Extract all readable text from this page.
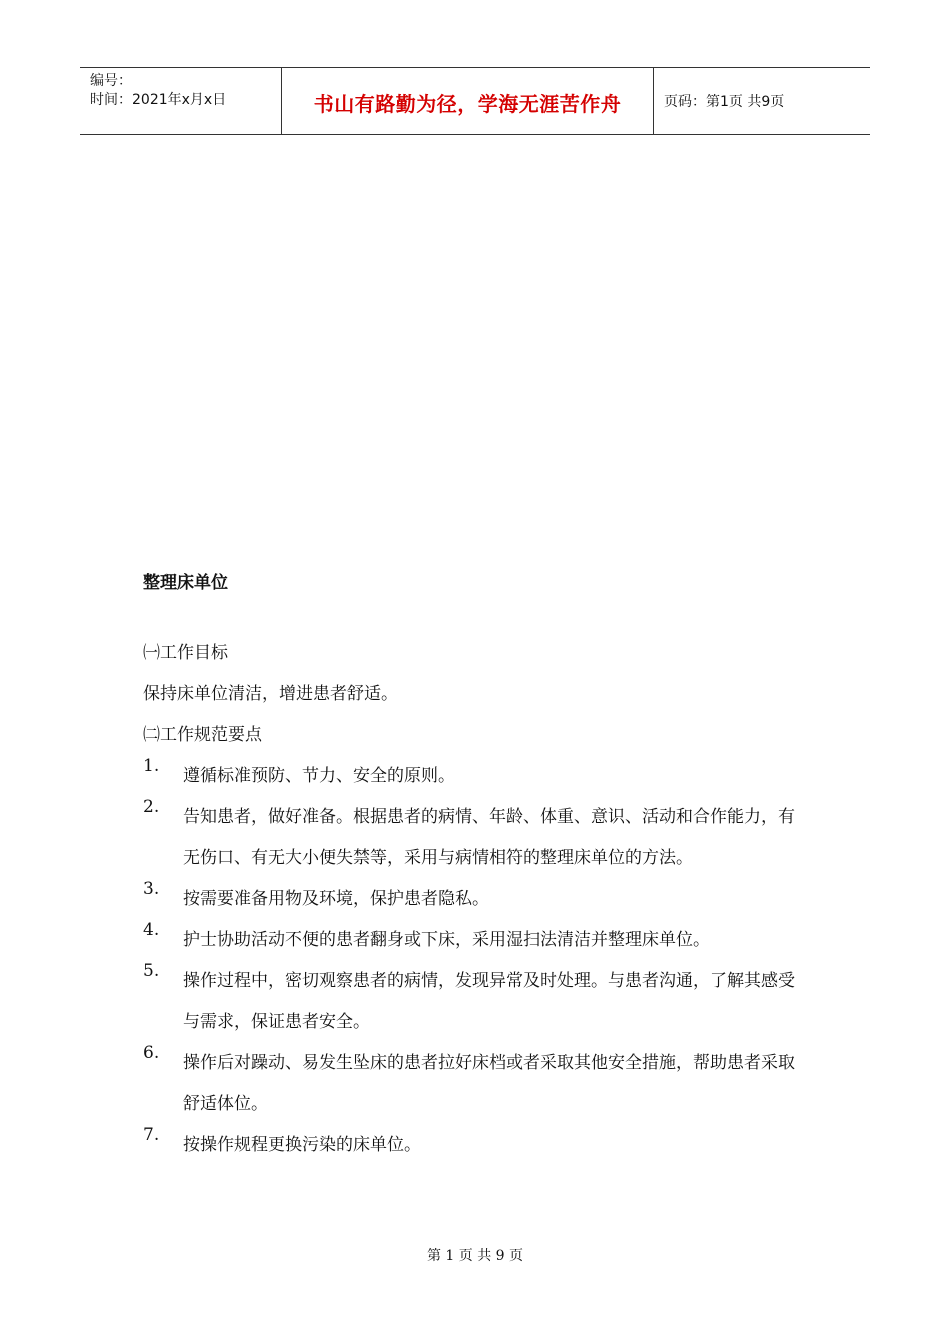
编号：
时间：2021年x月x日	书山有路勤为径，学海无涯苦作舟	页码：第1页 共9页

整理床单位

㈠工作目标

保持床单位清洁，增进患者舒适。

㈡工作规范要点

1.	遵循标准预防、节力、安全的原则。
2.	告知患者，做好准备。根据患者的病情、年龄、体重、意识、活动和合作能力，有无伤口、有无大小便失禁等，采用与病情相符的整理床单位的方法。
3.	按需要准备用物及环境，保护患者隐私。
4.	护士协助活动不便的患者翻身或下床，采用湿扫法清洁并整理床单位。
5.	操作过程中，密切观察患者的病情，发现异常及时处理。与患者沟通，了解其感受与需求，保证患者安全。
6.	操作后对躁动、易发生坠床的患者拉好床档或者采取其他安全措施，帮助患者采取舒适体位。
7.	按操作规程更换污染的床单位。
第 1 页 共 9 页
